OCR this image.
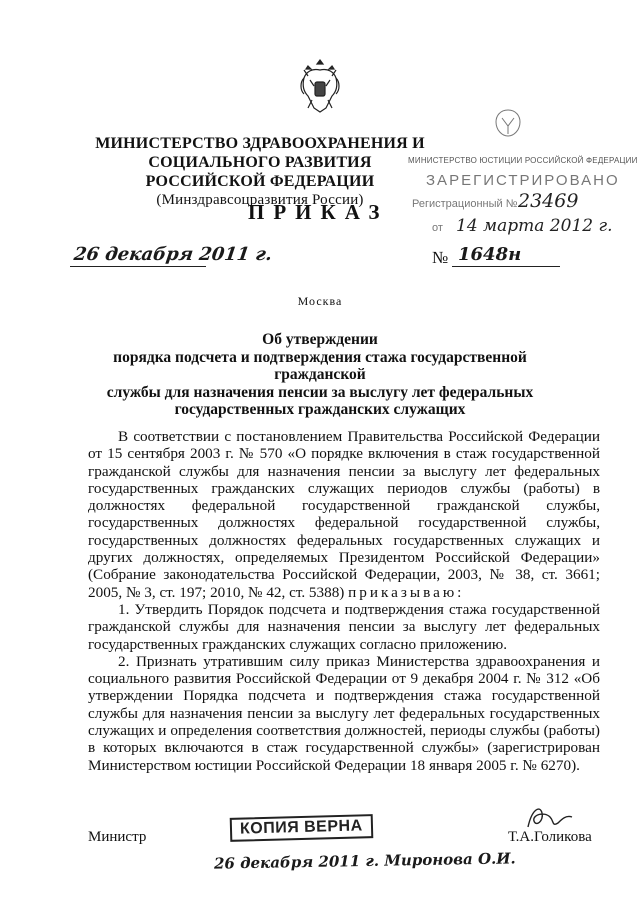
МИНИСТЕРСТВО ЗДРАВООХРАНЕНИЯ И СОЦИАЛЬНОГО РАЗВИТИЯ
РОССИЙСКОЙ ФЕДЕРАЦИИ
(Минздравсоцразвития России)
МИНИСТЕРСТВО ЮСТИЦИИ РОССИЙСКОЙ ФЕДЕРАЦИИ
ЗАРЕГИСТРИРОВАНО
Регистрационный № 23469
от 14 марта 2012 г.
ПРИКАЗ
26 декабря 2011 г.	№ 1648н
Москва
Об утверждении
порядка подсчета и подтверждения стажа государственной гражданской
службы для назначения пенсии за выслугу лет федеральных
государственных гражданских служащих

В соответствии с постановлением Правительства Российской Федерации от 15 сентября 2003 г. № 570 «О порядке включения в стаж государственной гражданской службы для назначения пенсии за выслугу лет федеральных государственных гражданских служащих периодов службы (работы) в должностях федеральной государственной гражданской службы, государственных должностях федеральной государственной службы, государственных должностях федеральных государственных служащих и других должностях, определяемых Президентом Российской Федерации» (Собрание законодательства Российской Федерации, 2003, № 38, ст. 3661; 2005, № 3, ст. 197; 2010, № 42, ст. 5388) приказываю:

1. Утвердить Порядок подсчета и подтверждения стажа государственной гражданской службы для назначения пенсии за выслугу лет федеральных государственных гражданских служащих согласно приложению.

2. Признать утратившим силу приказ Министерства здравоохранения и социального развития Российской Федерации от 9 декабря 2004 г. № 312 «Об утверждении Порядка подсчета и подтверждения стажа государственной службы для назначения пенсии за выслугу лет федеральных государственных служащих и определения соответствия должностей, периоды службы (работы) в которых включаются в стаж государственной службы» (зарегистрирован Министерством юстиции Российской Федерации 18 января 2005 г. № 6270).

Министр	КОПИЯ ВЕРНА	Т.А.Голикова
26 декабря 2011 г. Миронова О.И.
